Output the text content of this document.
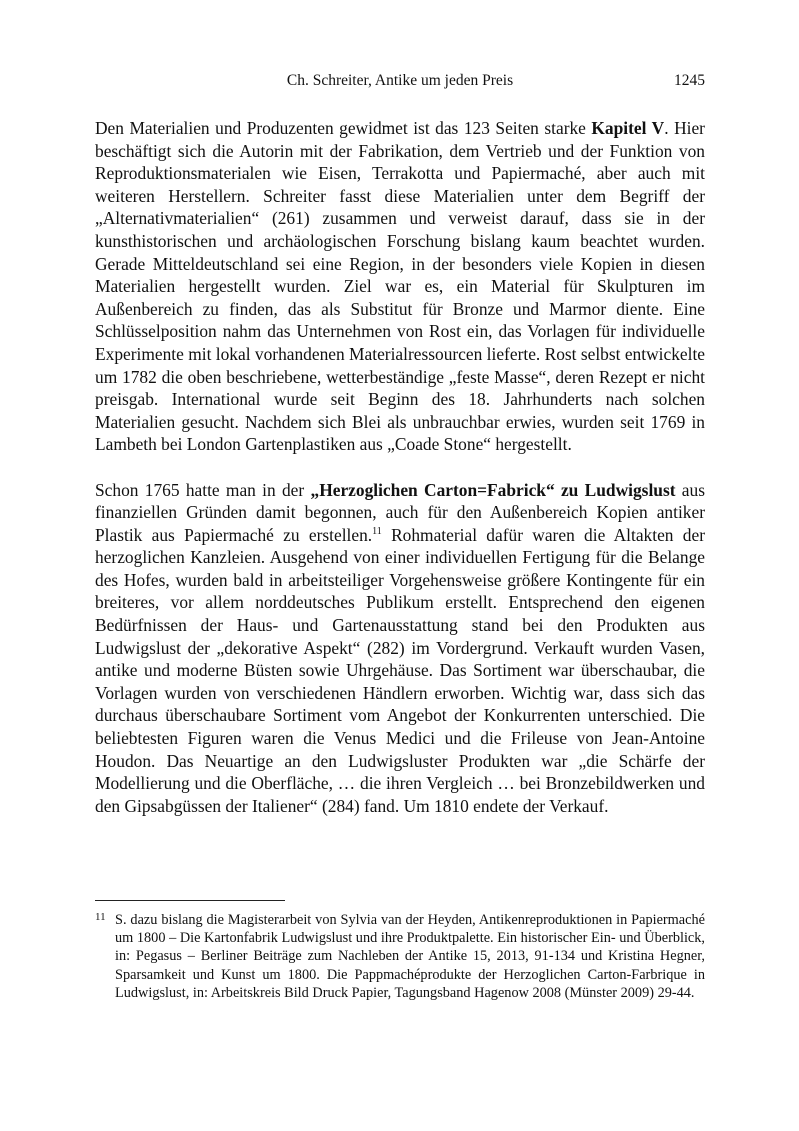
Ch. Schreiter, Antike um jeden Preis	1245

Den Materialien und Produzenten gewidmet ist das 123 Seiten starke Kapitel V. Hier beschäftigt sich die Autorin mit der Fabrikation, dem Vertrieb und der Funktion von Reproduktionsmaterialen wie Eisen, Terrakotta und Papiermaché, aber auch mit weiteren Herstellern. Schreiter fasst diese Materialien unter dem Begriff der „Alternativmaterialien“ (261) zusammen und verweist darauf, dass sie in der kunsthistorischen und archäologischen Forschung bislang kaum beachtet wurden. Gerade Mitteldeutschland sei eine Region, in der besonders viele Kopien in diesen Materialien hergestellt wurden. Ziel war es, ein Material für Skulpturen im Außenbereich zu finden, das als Substitut für Bronze und Marmor diente. Eine Schlüsselposition nahm das Unternehmen von Rost ein, das Vorlagen für individuelle Experimente mit lokal vorhandenen Materialressourcen lieferte. Rost selbst entwickelte um 1782 die oben beschriebene, wetterbeständige „feste Masse“, deren Rezept er nicht preisgab. International wurde seit Beginn des 18. Jahrhunderts nach solchen Materialien gesucht. Nachdem sich Blei als unbrauchbar erwies, wurden seit 1769 in Lambeth bei London Gartenplastiken aus „Coade Stone“ hergestellt.

Schon 1765 hatte man in der „Herzoglichen Carton=Fabrick“ zu Ludwigslust aus finanziellen Gründen damit begonnen, auch für den Außenbereich Kopien antiker Plastik aus Papiermaché zu erstellen.$^{11}$ Rohmaterial dafür waren die Altakten der herzoglichen Kanzleien. Ausgehend von einer individuellen Fertigung für die Belange des Hofes, wurden bald in arbeitsteiliger Vorgehensweise größere Kontingente für ein breiteres, vor allem norddeutsches Publikum erstellt. Entsprechend den eigenen Bedürfnissen der Haus- und Gartenausstattung stand bei den Produkten aus Ludwigslust der „dekorative Aspekt“ (282) im Vordergrund. Verkauft wurden Vasen, antike und moderne Büsten sowie Uhrgehäuse. Das Sortiment war überschaubar, die Vorlagen wurden von verschiedenen Händlern erworben. Wichtig war, dass sich das durchaus überschaubare Sortiment vom Angebot der Konkurrenten unterschied. Die beliebtesten Figuren waren die Venus Medici und die Frileuse von Jean-Antoine Houdon. Das Neuartige an den Ludwigsluster Produkten war „die Schärfe der Modellierung und die Oberfläche, … die ihren Vergleich … bei Bronzebildwerken und den Gipsabgüssen der Italiener“ (284) fand. Um 1810 endete der Verkauf.

11 S. dazu bislang die Magisterarbeit von Sylvia van der Heyden, Antikenreproduktionen in Papiermaché um 1800 – Die Kartonfabrik Ludwigslust und ihre Produktpalette. Ein historischer Ein- und Überblick, in: Pegasus – Berliner Beiträge zum Nachleben der Antike 15, 2013, 91-134 und Kristina Hegner, Sparsamkeit und Kunst um 1800. Die Pappmachéprodukte der Herzoglichen Carton-Farbrique in Ludwigslust, in: Arbeitskreis Bild Druck Papier, Tagungsband Hagenow 2008 (Münster 2009) 29-44.
